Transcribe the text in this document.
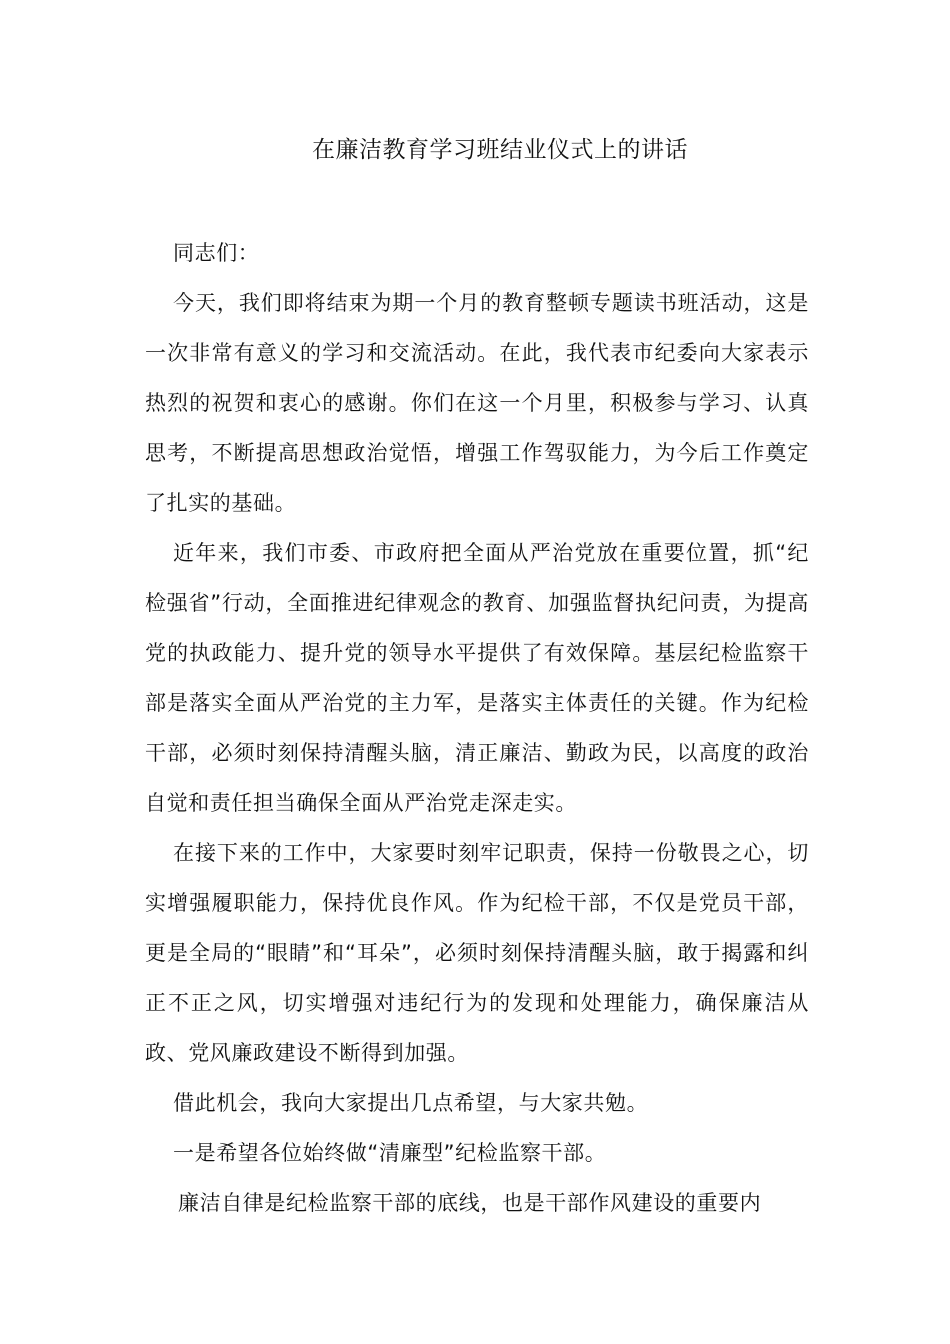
在廉洁教育学习班结业仪式上的讲话

同志们：

今天，我们即将结束为期一个月的教育整顿专题读书班活动，这是一次非常有意义的学习和交流活动。在此，我代表市纪委向大家表示热烈的祝贺和衷心的感谢。你们在这一个月里，积极参与学习、认真思考，不断提高思想政治觉悟，增强工作驾驭能力，为今后工作奠定了扎实的基础。

近年来，我们市委、市政府把全面从严治党放在重要位置，抓“纪检强省”行动，全面推进纪律观念的教育、加强监督执纪问责，为提高党的执政能力、提升党的领导水平提供了有效保障。基层纪检监察干部是落实全面从严治党的主力军，是落实主体责任的关键。作为纪检干部，必须时刻保持清醒头脑，清正廉洁、勤政为民，以高度的政治自觉和责任担当确保全面从严治党走深走实。

在接下来的工作中，大家要时刻牢记职责，保持一份敬畏之心，切实增强履职能力，保持优良作风。作为纪检干部，不仅是党员干部，更是全局的“眼睛”和“耳朵”，必须时刻保持清醒头脑，敢于揭露和纠正不正之风，切实增强对违纪行为的发现和处理能力，确保廉洁从政、党风廉政建设不断得到加强。

借此机会，我向大家提出几点希望，与大家共勉。

一是希望各位始终做“清廉型”纪检监察干部。

廉洁自律是纪检监察干部的底线，也是干部作风建设的重要内
